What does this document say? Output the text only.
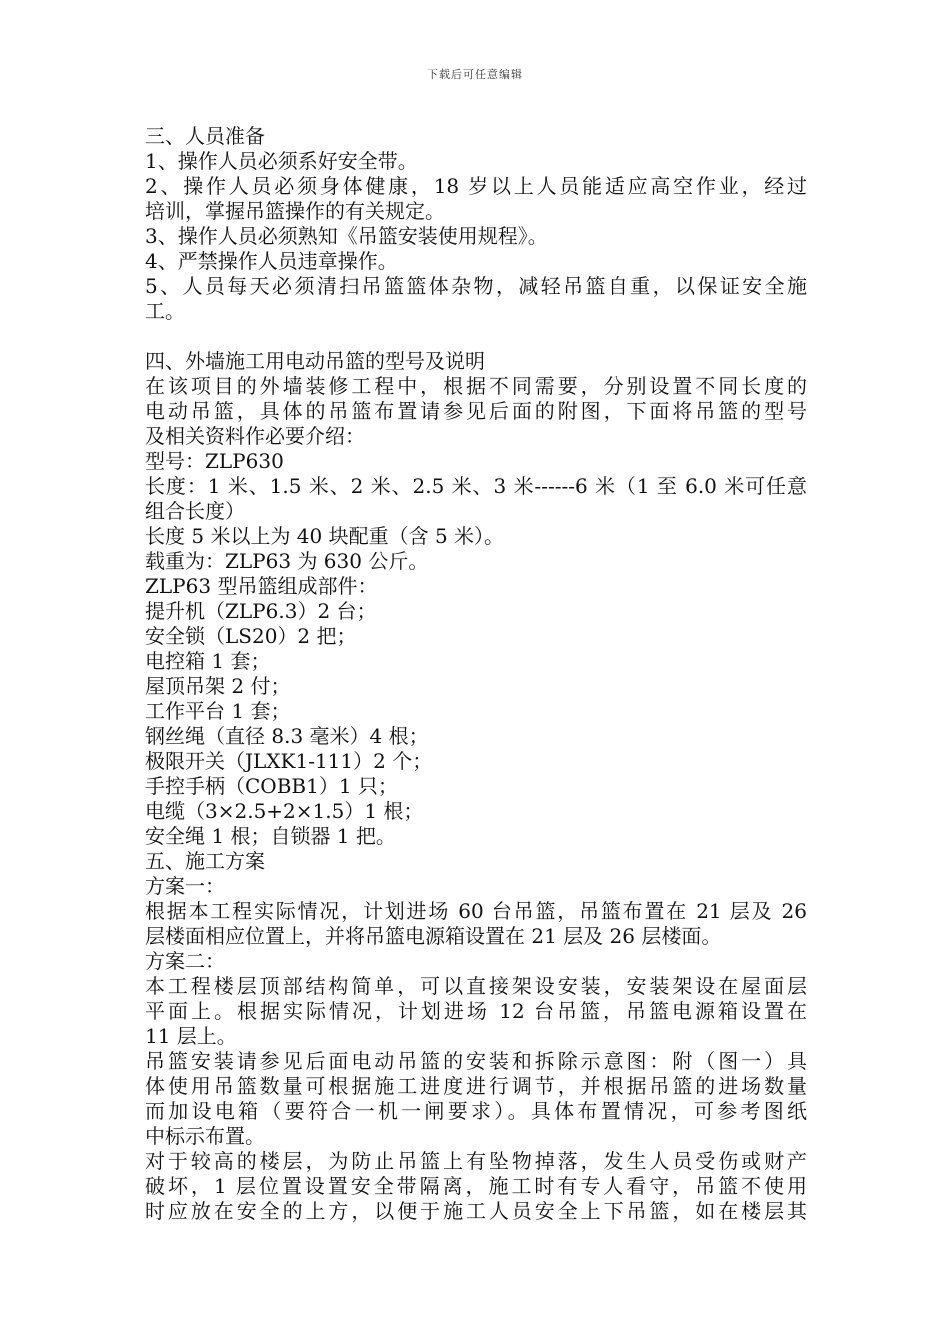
下载后可任意编辑

三、人员准备

1、操作人员必须系好安全带。

2、操作人员必须身体健康，18 岁以上人员能适应高空作业，经过

培训，掌握吊篮操作的有关规定。

3、操作人员必须熟知《吊篮安装使用规程》。

4、严禁操作人员违章操作。

5、人员每天必须清扫吊篮篮体杂物，减轻吊篮自重，以保证安全施

工。

四、外墙施工用电动吊篮的型号及说明

在该项目的外墙装修工程中，根据不同需要，分别设置不同长度的

电动吊篮，具体的吊篮布置请参见后面的附图，下面将吊篮的型号

及相关资料作必要介绍：

型号：ZLP630

长度：1 米、1.5 米、2 米、2.5 米、3 米------6 米（1 至 6.0 米可任意

组合长度）

长度 5 米以上为 40 块配重（含 5 米）。

载重为：ZLP63 为 630 公斤。

ZLP63 型吊篮组成部件：

提升机（ZLP6.3）2 台；

安全锁（LS20）2 把；

电控箱 1 套；

屋顶吊架 2 付；

工作平台 1 套；

钢丝绳（直径 8.3 毫米）4 根；

极限开关（JLXK1-111）2 个；

手控手柄（COBB1）1 只；

电缆（3×2.5+2×1.5）1 根；

安全绳 1 根；自锁器 1 把。

五、施工方案

方案一：

根据本工程实际情况，计划进场 60 台吊篮，吊篮布置在 21 层及 26

层楼面相应位置上，并将吊篮电源箱设置在 21 层及 26 层楼面。

方案二：

本工程楼层顶部结构简单，可以直接架设安装，安装架设在屋面层

平面上。根据实际情况，计划进场 12 台吊篮，吊篮电源箱设置在

11 层上。

吊篮安装请参见后面电动吊篮的安装和拆除示意图：附（图一）具

体使用吊篮数量可根据施工进度进行调节，并根据吊篮的进场数量

而加设电箱（要符合一机一闸要求）。具体布置情况，可参考图纸

中标示布置。

对于较高的楼层，为防止吊篮上有坠物掉落，发生人员受伤或财产

破坏，1 层位置设置安全带隔离，施工时有专人看守，吊篮不使用

时应放在安全的上方，以便于施工人员安全上下吊篮，如在楼层其
